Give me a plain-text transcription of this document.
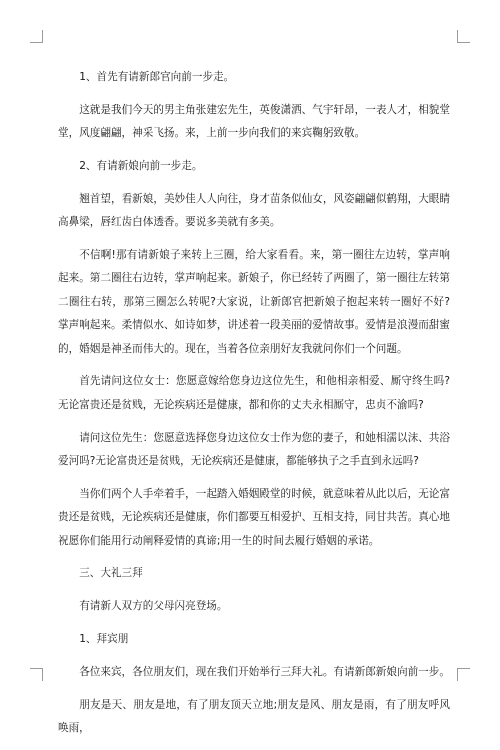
1、首先有请新郎官向前一步走。

这就是我们今天的男主角张建宏先生，英俊潇洒、气宇轩昂，一表人才，相貌堂堂，风度翩翩，神采飞扬。来，上前一步向我们的来宾鞠躬致敬。

2、有请新娘向前一步走。

翘首望，看新娘，美妙佳人人向往，身才苗条似仙女，风姿翩翩似鹤翔，大眼睛高鼻梁，唇红齿白体透香。要说多美就有多美。

不信啊!那有请新娘子来转上三圈，给大家看看。来，第一圈往左边转，掌声响起来。第二圈往右边转，掌声响起来。新娘子，你已经转了两圈了，第一圈往左转第二圈往右转，那第三圈怎么转呢?大家说，让新郎官把新娘子抱起来转一圈好不好?掌声响起来。柔情似水、如诗如梦，讲述着一段美丽的爱情故事。爱情是浪漫而甜蜜的，婚姻是神圣而伟大的。现在，当着各位亲朋好友我就问你们一个问题。

首先请问这位女士：您愿意嫁给您身边这位先生，和他相亲相爱、厮守终生吗?无论富贵还是贫贱，无论疾病还是健康，都和你的丈夫永相厮守，忠贞不渝吗?

请问这位先生：您愿意选择您身边这位女士作为您的妻子，和她相濡以沫、共浴爱河吗?无论富贵还是贫贱，无论疾病还是健康，都能够执子之手直到永远吗?

当你们两个人手牵着手，一起踏入婚姻殿堂的时候，就意味着从此以后，无论富贵还是贫贱，无论疾病还是健康，你们都要互相爱护、互相支持，同甘共苦。真心地祝愿你们能用行动阐释爱情的真谛;用一生的时间去履行婚姻的承诺。

三、大礼三拜

有请新人双方的父母闪亮登场。

1、拜宾朋

各位来宾，各位朋友们，现在我们开始举行三拜大礼。有请新郎新娘向前一步。

朋友是天、朋友是地，有了朋友顶天立地;朋友是风、朋友是雨，有了朋友呼风唤雨，
